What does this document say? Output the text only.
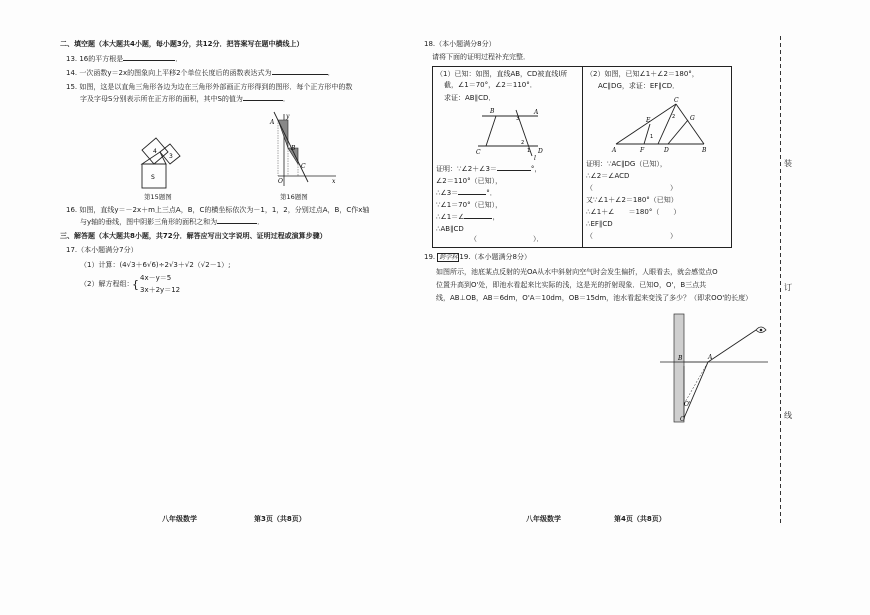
二、填空题（本大题共4小题，每小题3分，共12分．把答案写在题中横线上）
13. 16的平方根是	．
14. 一次函数y＝2x的图象向上平移2个单位长度后的函数表达式为	．
15. 如图，这是以直角三角形各边为边在三角形外部画正方形得到的图形．每个正方形中的数
字及字母S分别表示所在正方形的面积，其中S的值为	．
4
3
S
第15题图
A
B
C
O	x
y
第16题图
16. 如图，直线y＝－2x＋m上三点A，B，C的横坐标依次为－1，1，2，分别过点A，B，C作x轴
与y轴的垂线，图中阴影三角形的面积之和为	．
三、解答题（本大题共8小题，共72分．解答应写出文字说明、证明过程或演算步骤）
17.（本小题满分7分）
（1）计算：(4√3＋6√6)÷2√3＋√2（√2－1）;
（2）解方程组：
{ 4x－y＝5
3x＋2y＝12
八年级数学	第3页（共8页）
18.（本小题满分8分）
请将下面的证明过程补充完整．
（1）已知：如图，直线AB，CD被直线l所
截，∠1＝70°，∠2＝110°．
求证：AB∥CD．
A
B
C	D
l
1
2
3
证明：∵∠2＋∠3＝	°，
∠2＝110°（已知），
∴∠3＝	°．
∵∠1＝70°（已知），
∴∠1＝∠	，
∴AB∥CD
（　　　　　　　　）．
（2）如图，已知∠1＋∠2＝180°，
AC∥DG，求证：EF∥CD．
C
A	B
D
E
F
G
1
2
证明：∵AC∥DG（已知），
∴∠2＝∠ACD
（　　　　　　　　　　　）
又∵∠1＋∠2＝180°（已知）
∴∠1＋∠　　＝180°（　　）
∴EF∥CD
（　　　　　　　　　　　）
19. 跨学科 19.（本小题满分8分）
如图所示，池底某点反射的光OA从水中斜射向空气时会发生偏折，人眼看去，就会感觉点O
位置升高到O'处，即池水看起来比实际的浅，这是光的折射现象．已知O，O'，B三点共
线，AB⊥OB，AB＝6dm，O'A＝10dm，OB＝15dm，池水看起来变浅了多少？（即求OO'的长度）
B	A
O'
O
八年级数学	第4页（共8页）
装
订
线
